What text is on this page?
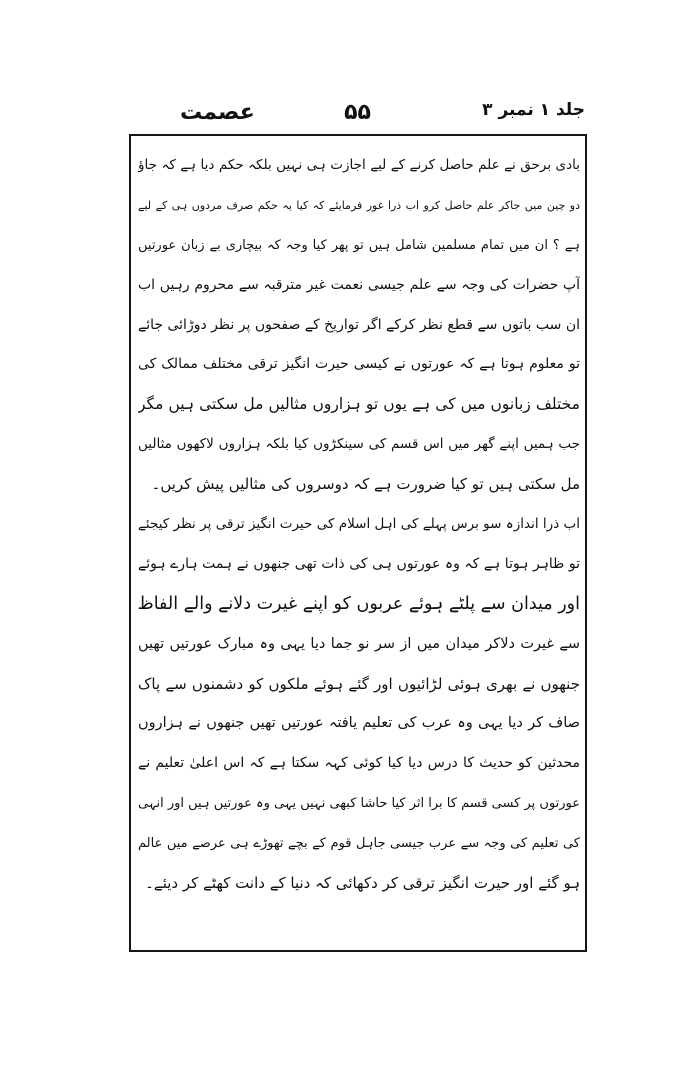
جلد ۱ نمبر ۳
۵۵
عصمت
بادی برحق نے علم حاصل کرنے کے لیے اجازت ہی نہیں بلکہ حکم دیا ہے کہ جاؤ
دو چین میں جاکر علم حاصل کرو اب ذرا غور فرمایئے کہ کیا یہ حکم صرف مردوں ہی کے لیے
ہے ؟ ان میں تمام مسلمین شامل ہیں تو پھر کیا وجہ کہ بیچاری بے زبان عورتیں
آپ حضرات کی وجہ سے علم جیسی نعمت غیر مترقبہ سے محروم رہیں اب
ان سب باتوں سے قطع نظر کرکے اگر تواریخ کے صفحوں پر نظر دوڑائی جائے
تو معلوم ہوتا ہے کہ عورتوں نے کیسی حیرت انگیز ترقی مختلف ممالک کی
مختلف زبانوں میں کی ہے یوں تو ہزاروں مثالیں مل سکتی ہیں مگر
جب ہمیں اپنے گھر میں اس قسم کی سینکڑوں کیا بلکہ ہزاروں لاکھوں مثالیں
مل سکتی ہیں تو کیا ضرورت ہے کہ دوسروں کی مثالیں پیش کریں۔
اب ذرا اندازہ سو برس پہلے کی اہل اسلام کی حیرت انگیز ترقی پر نظر کیجئے
تو ظاہر ہوتا ہے کہ وہ عورتوں ہی کی ذات تھی جنھوں نے ہمت ہارے ہوئے
اور میدان سے پلٹے ہوئے عربوں کو اپنے غیرت دلانے والے الفاظ
سے غیرت دلاکر میدان میں از سر نو جما دیا یہی وہ مبارک عورتیں تھیں
جنھوں نے بھری ہوئی لڑائیوں اور گئے ہوئے ملکوں کو دشمنوں سے پاک
صاف کر دیا یہی وہ عرب کی تعلیم یافتہ عورتیں تھیں جنھوں نے ہزاروں
محدثین کو حدیث کا درس دیا کیا کوئی کہہ سکتا ہے کہ اس اعلیٰ تعلیم نے
عورتوں پر کسی قسم کا برا اثر کیا حاشا کبھی نہیں یہی وہ عورتیں ہیں اور انہی
کی تعلیم کی وجہ سے عرب جیسی جاہل قوم کے بچے تھوڑے ہی عرصے میں عالم
ہو گئے اور حیرت انگیز ترقی کر دکھائی کہ دنیا کے دانت کھٹے کر دیئے۔
